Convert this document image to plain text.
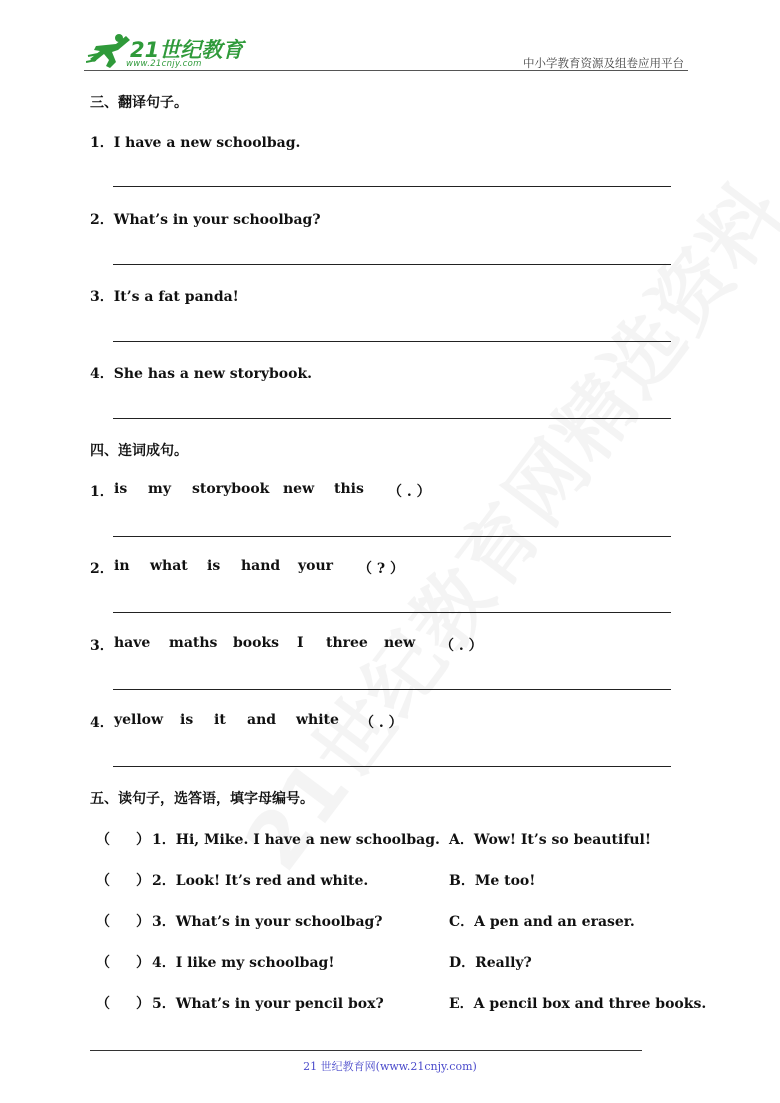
21世纪教育
www.21cnjy.com	中小学教育资源及组卷应用平台
三、翻译句子。
1．I have a new schoolbag.
2．What’s in your schoolbag?
3．It’s a fat panda!
4．She has a new storybook.
四、连词成句。
1． is my storybook new this （ . ）
2． in what is hand your （ ? ）
3． have maths books I three new （ . ）
4． yellow is it and white （ . ）
五、读句子，选答语，填字母编号。
（ ） 1．Hi, Mike. I have a new schoolbag. A．Wow! It’s so beautiful!
（ ） 2．Look! It’s red and white.	B．Me too!
（ ） 3．What’s in your schoolbag?	C．A pen and an eraser.
（ ） 4．I like my schoolbag!	D．Really?
（ ） 5．What’s in your pencil box?	E．A pencil box and three books.
21 世纪教育网(www.21cnjy.com)
